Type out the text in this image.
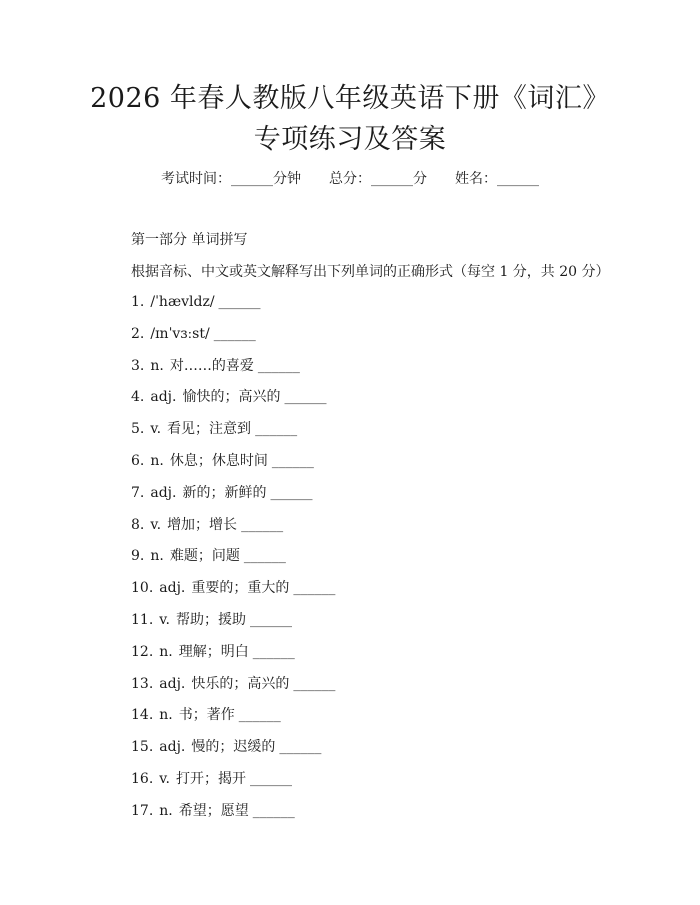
2026 年春人教版八年级英语下册《词汇》专项练习及答案
考试时间：______分钟 总分：______分 姓名：______
第一部分 单词拼写
根据音标、中文或英文解释写出下列单词的正确形式（每空 1 分，共 20 分）
1. /ˈhævldz/ ______
2. /ɪnˈvɜːst/ ______
3. n. 对……的喜爱 ______
4. adj. 愉快的；高兴的 ______
5. v. 看见；注意到 ______
6. n. 休息；休息时间 ______
7. adj. 新的；新鲜的 ______
8. v. 增加；增长 ______
9. n. 难题；问题 ______
10. adj. 重要的；重大的 ______
11. v. 帮助；援助 ______
12. n. 理解；明白 ______
13. adj. 快乐的；高兴的 ______
14. n. 书；著作 ______
15. adj. 慢的；迟缓的 ______
16. v. 打开；揭开 ______
17. n. 希望；愿望 ______
